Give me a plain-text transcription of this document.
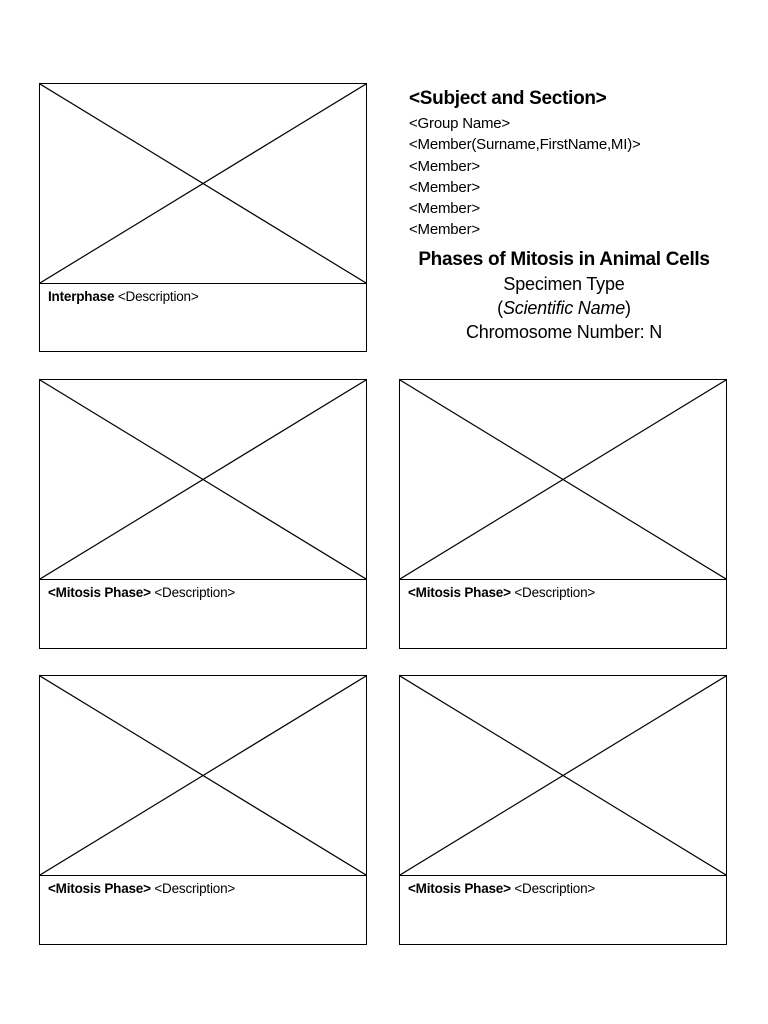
Interphase <Description>
<Subject and Section>
<Group Name>
<Member(Surname,FirstName,MI)>
<Member>
<Member>
<Member>
<Member>
Phases of Mitosis in Animal Cells
Specimen Type
(Scientific Name)
Chromosome Number: N
<Mitosis Phase> <Description>	<Mitosis Phase> <Description>
<Mitosis Phase> <Description>	<Mitosis Phase> <Description>
